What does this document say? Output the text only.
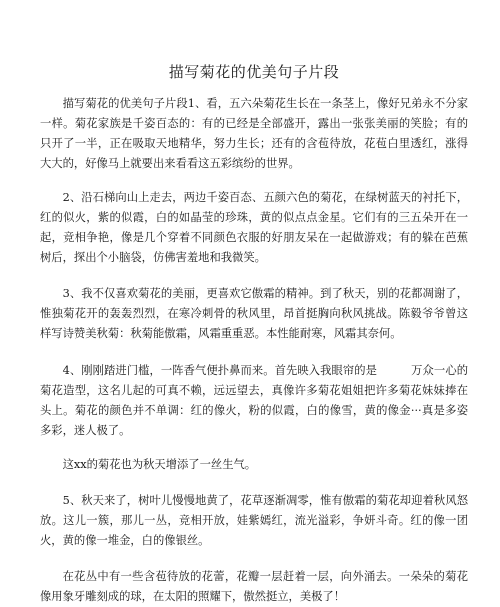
描写菊花的优美句子片段

描写菊花的优美句子片段1、看，五六朵菊花生长在一条茎上，像好兄弟永不分家一样。菊花家族是千姿百态的：有的已经是全部盛开，露出一张张美丽的笑脸；有的只开了一半，正在吸取天地精华，努力生长；还有的含苞待放，花苞白里透红，涨得大大的，好像马上就要出来看看这五彩缤纷的世界。

2、沿石梯向山上走去，两边千姿百态、五颜六色的菊花，在绿树蓝天的衬托下，红的似火，紫的似霞，白的如晶莹的珍珠，黄的似点点金星。它们有的三五朵开在一起，竞相争艳，像是几个穿着不同颜色衣服的好朋友呆在一起做游戏；有的躲在芭蕉树后，探出个小脑袋，仿佛害羞地和我微笑。

3、我不仅喜欢菊花的美丽，更喜欢它傲霜的精神。到了秋天，别的花都凋谢了，惟独菊花开的轰轰烈烈，在寒冷刺骨的秋风里，昂首挺胸向秋风挑战。陈毅爷爷曾这样写诗赞美秋菊：秋菊能傲霜，风霜重重恶。本性能耐寒，风霜其奈何。

4、刚刚踏进门槛，一阵香气便扑鼻而来。首先映入我眼帘的是　　　万众一心的菊花造型，这名儿起的可真不赖，远远望去，真像许多菊花姐姐把许多菊花妹妹捧在头上。菊花的颜色并不单调：红的像火，粉的似霞，白的像雪，黄的像金···真是多姿多彩，迷人极了。

这xx的菊花也为秋天增添了一丝生气。

5、秋天来了，树叶儿慢慢地黄了，花草逐渐凋零，惟有傲霜的菊花却迎着秋风怒放。这儿一簇，那儿一丛，竞相开放，娃紫嫣红，流光溢彩，争妍斗奇。红的像一团火，黄的像一堆金，白的像银丝。

在花丛中有一些含苞待放的花蕾，花瓣一层赶着一层，向外涌去。一朵朵的菊花像用象牙雕刻成的球，在太阳的照耀下，傲然挺立，美极了！
